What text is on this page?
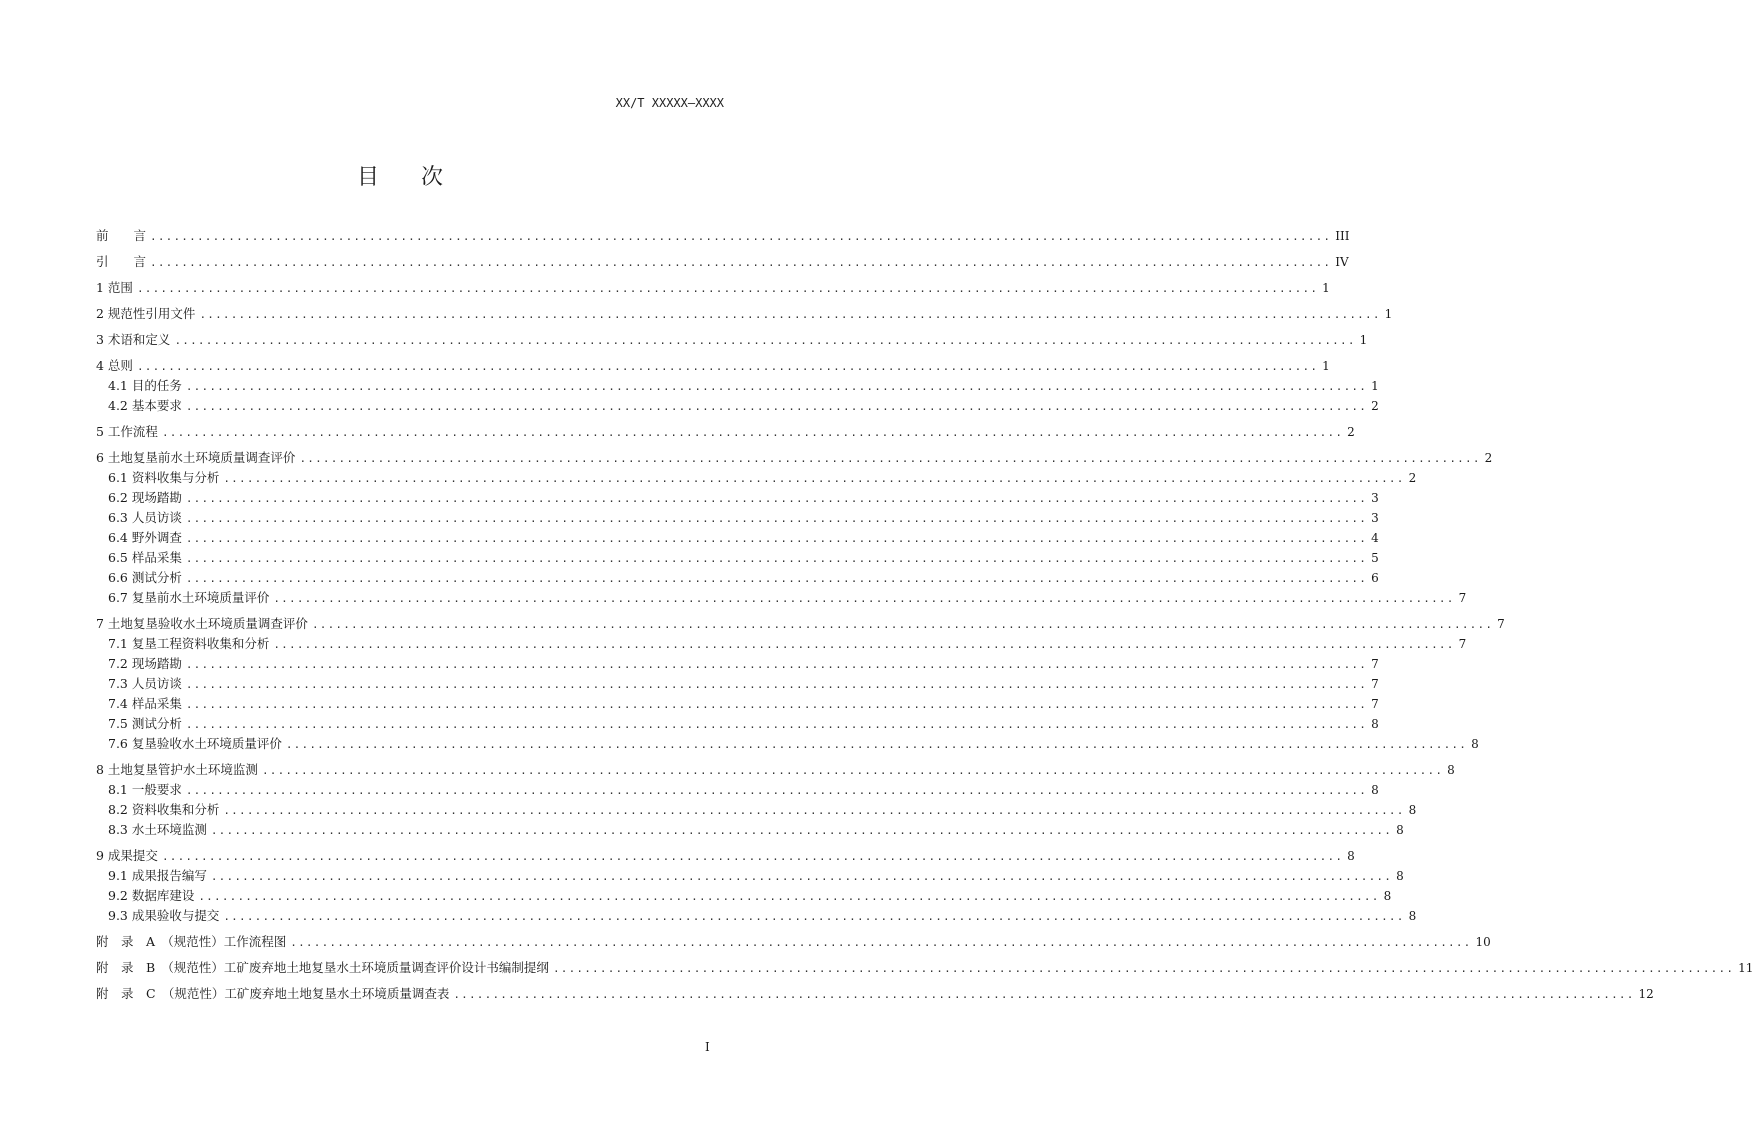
XX/T XXXXX—XXXX
目 次
前　　言 ....................................................................................................................................................... III
引　　言 ....................................................................................................................................................... IV
1 范围 ....................................................................................................................................................... 1
2 规范性引用文件 ....................................................................................................................................................... 1
3 术语和定义 ....................................................................................................................................................... 1
4 总则 ....................................................................................................................................................... 1
4.1 目的任务 ....................................................................................................................................................... 1
4.2 基本要求 ....................................................................................................................................................... 2
5 工作流程 ....................................................................................................................................................... 2
6 土地复垦前水土环境质量调查评价 ....................................................................................................................................................... 2
6.1 资料收集与分析 ....................................................................................................................................................... 2
6.2 现场踏勘 ....................................................................................................................................................... 3
6.3 人员访谈 ....................................................................................................................................................... 3
6.4 野外调查 ....................................................................................................................................................... 4
6.5 样品采集 ....................................................................................................................................................... 5
6.6 测试分析 ....................................................................................................................................................... 6
6.7 复垦前水土环境质量评价 ....................................................................................................................................................... 7
7 土地复垦验收水土环境质量调查评价 ....................................................................................................................................................... 7
7.1 复垦工程资料收集和分析 ....................................................................................................................................................... 7
7.2 现场踏勘 ....................................................................................................................................................... 7
7.3 人员访谈 ....................................................................................................................................................... 7
7.4 样品采集 ....................................................................................................................................................... 7
7.5 测试分析 ....................................................................................................................................................... 8
7.6 复垦验收水土环境质量评价 ....................................................................................................................................................... 8
8 土地复垦管护水土环境监测 ....................................................................................................................................................... 8
8.1 一般要求 ....................................................................................................................................................... 8
8.2 资料收集和分析 ....................................................................................................................................................... 8
8.3 水土环境监测 ....................................................................................................................................................... 8
9 成果提交 ....................................................................................................................................................... 8
9.1 成果报告编写 ....................................................................................................................................................... 8
9.2 数据库建设 ....................................................................................................................................................... 8
9.3 成果验收与提交 ....................................................................................................................................................... 8
附　录　A　（规范性）工作流程图 ....................................................................................................................................................... 10
附　录　B　（规范性）工矿废弃地土地复垦水土环境质量调查评价设计书编制提纲 ....................................................................................................................................................... 11
附　录　C　（规范性）工矿废弃地土地复垦水土环境质量调查表 ....................................................................................................................................................... 12
I
